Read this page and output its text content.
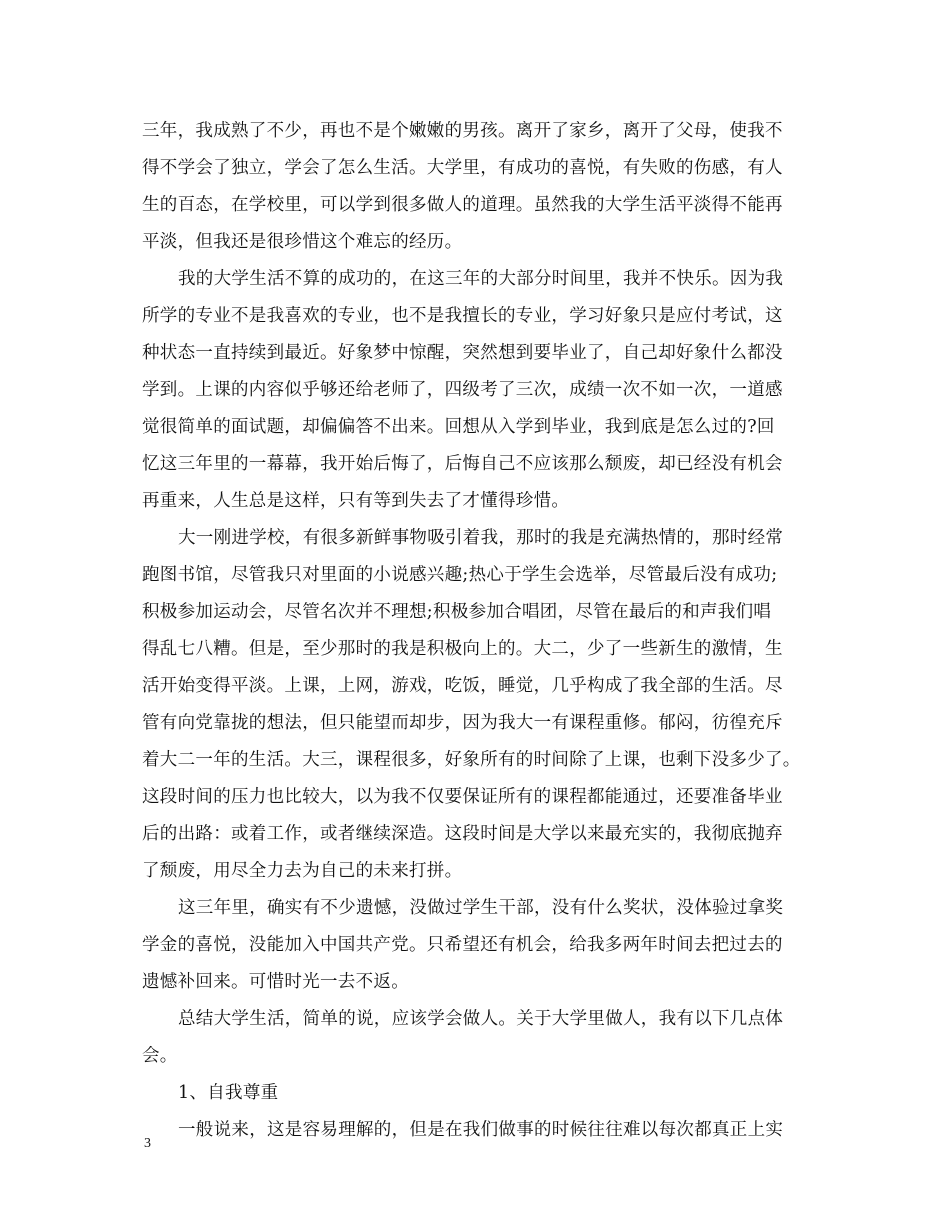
三年，我成熟了不少，再也不是个嫩嫩的男孩。离开了家乡，离开了父母，使我不
得不学会了独立，学会了怎么生活。大学里，有成功的喜悦，有失败的伤感，有人
生的百态，在学校里，可以学到很多做人的道理。虽然我的大学生活平淡得不能再
平淡，但我还是很珍惜这个难忘的经历。
我的大学生活不算的成功的，在这三年的大部分时间里，我并不快乐。因为我
所学的专业不是我喜欢的专业，也不是我擅长的专业，学习好象只是应付考试，这
种状态一直持续到最近。好象梦中惊醒，突然想到要毕业了，自己却好象什么都没
学到。上课的内容似乎够还给老师了，四级考了三次，成绩一次不如一次，一道感
觉很简单的面试题，却偏偏答不出来。回想从入学到毕业，我到底是怎么过的?回
忆这三年里的一幕幕，我开始后悔了，后悔自己不应该那么颓废，却已经没有机会
再重来，人生总是这样，只有等到失去了才懂得珍惜。
大一刚进学校，有很多新鲜事物吸引着我，那时的我是充满热情的，那时经常
跑图书馆，尽管我只对里面的小说感兴趣;热心于学生会选举，尽管最后没有成功;
积极参加运动会，尽管名次并不理想;积极参加合唱团，尽管在最后的和声我们唱
得乱七八糟。但是，至少那时的我是积极向上的。大二，少了一些新生的激情，生
活开始变得平淡。上课，上网，游戏，吃饭，睡觉，几乎构成了我全部的生活。尽
管有向党靠拢的想法，但只能望而却步，因为我大一有课程重修。郁闷，彷徨充斥
着大二一年的生活。大三，课程很多，好象所有的时间除了上课，也剩下没多少了。
这段时间的压力也比较大，以为我不仅要保证所有的课程都能通过，还要准备毕业
后的出路：或着工作，或者继续深造。这段时间是大学以来最充实的，我彻底抛弃
了颓废，用尽全力去为自己的未来打拼。
这三年里，确实有不少遗憾，没做过学生干部，没有什么奖状，没体验过拿奖
学金的喜悦，没能加入中国共产党。只希望还有机会，给我多两年时间去把过去的
遗憾补回来。可惜时光一去不返。
总结大学生活，简单的说，应该学会做人。关于大学里做人，我有以下几点体
会。
1、自我尊重
一般说来，这是容易理解的，但是在我们做事的时候往往难以每次都真正上实
3
